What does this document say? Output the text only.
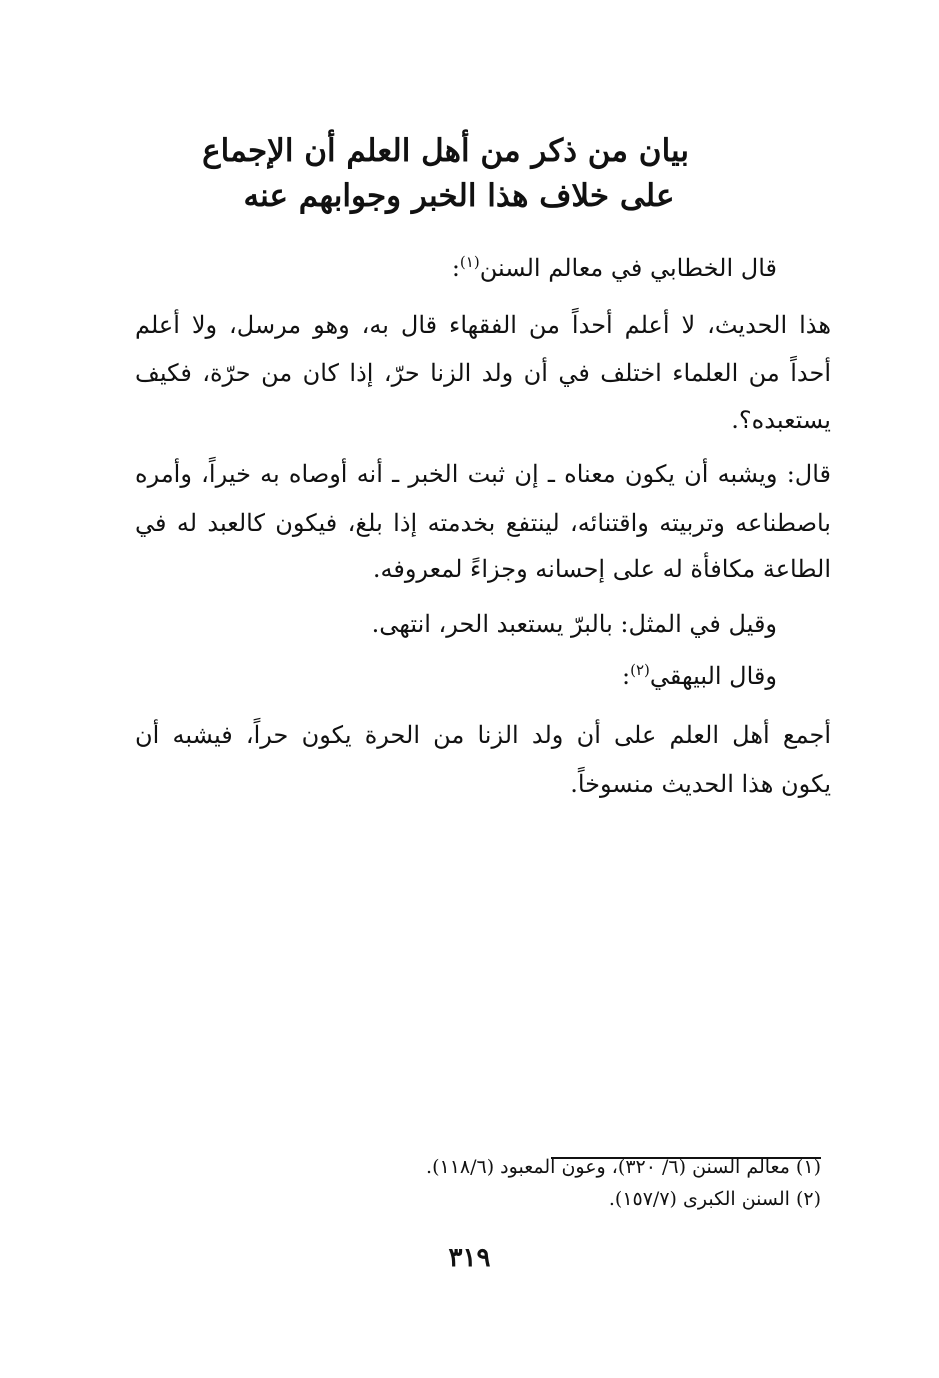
بيان من ذكر من أهل العلم أن الإجماع
على خلاف هذا الخبر وجوابهم عنه
قال الخطابي في معالم السنن$^{(١)}$:
هذا الحديث، لا أعلم أحداً من الفقهاء قال به، وهو مرسل، ولا أعلم
أحداً من العلماء اختلف في أن ولد الزنا حرّ، إذا كان من حرّة، فكيف
يستعبده؟.
قال: ويشبه أن يكون معناه ـ إن ثبت الخبر ـ أنه أوصاه به خيراً، وأمره
باصطناعه وتربيته واقتنائه، لينتفع بخدمته إذا بلغ، فيكون كالعبد له في
الطاعة مكافأة له على إحسانه وجزاءً لمعروفه.
وقيل في المثل: بالبرّ يستعبد الحر، انتهى.
وقال البيهقي$^{(٢)}$:
أجمع أهل العلم على أن ولد الزنا من الحرة يكون حراً، فيشبه أن
يكون هذا الحديث منسوخاً.
(١) معالم السنن (٦/ ٣٢٠)، وعون المعبود (١١٨/٦).
(٢) السنن الكبرى (١٥٧/٧).
٣١٩
